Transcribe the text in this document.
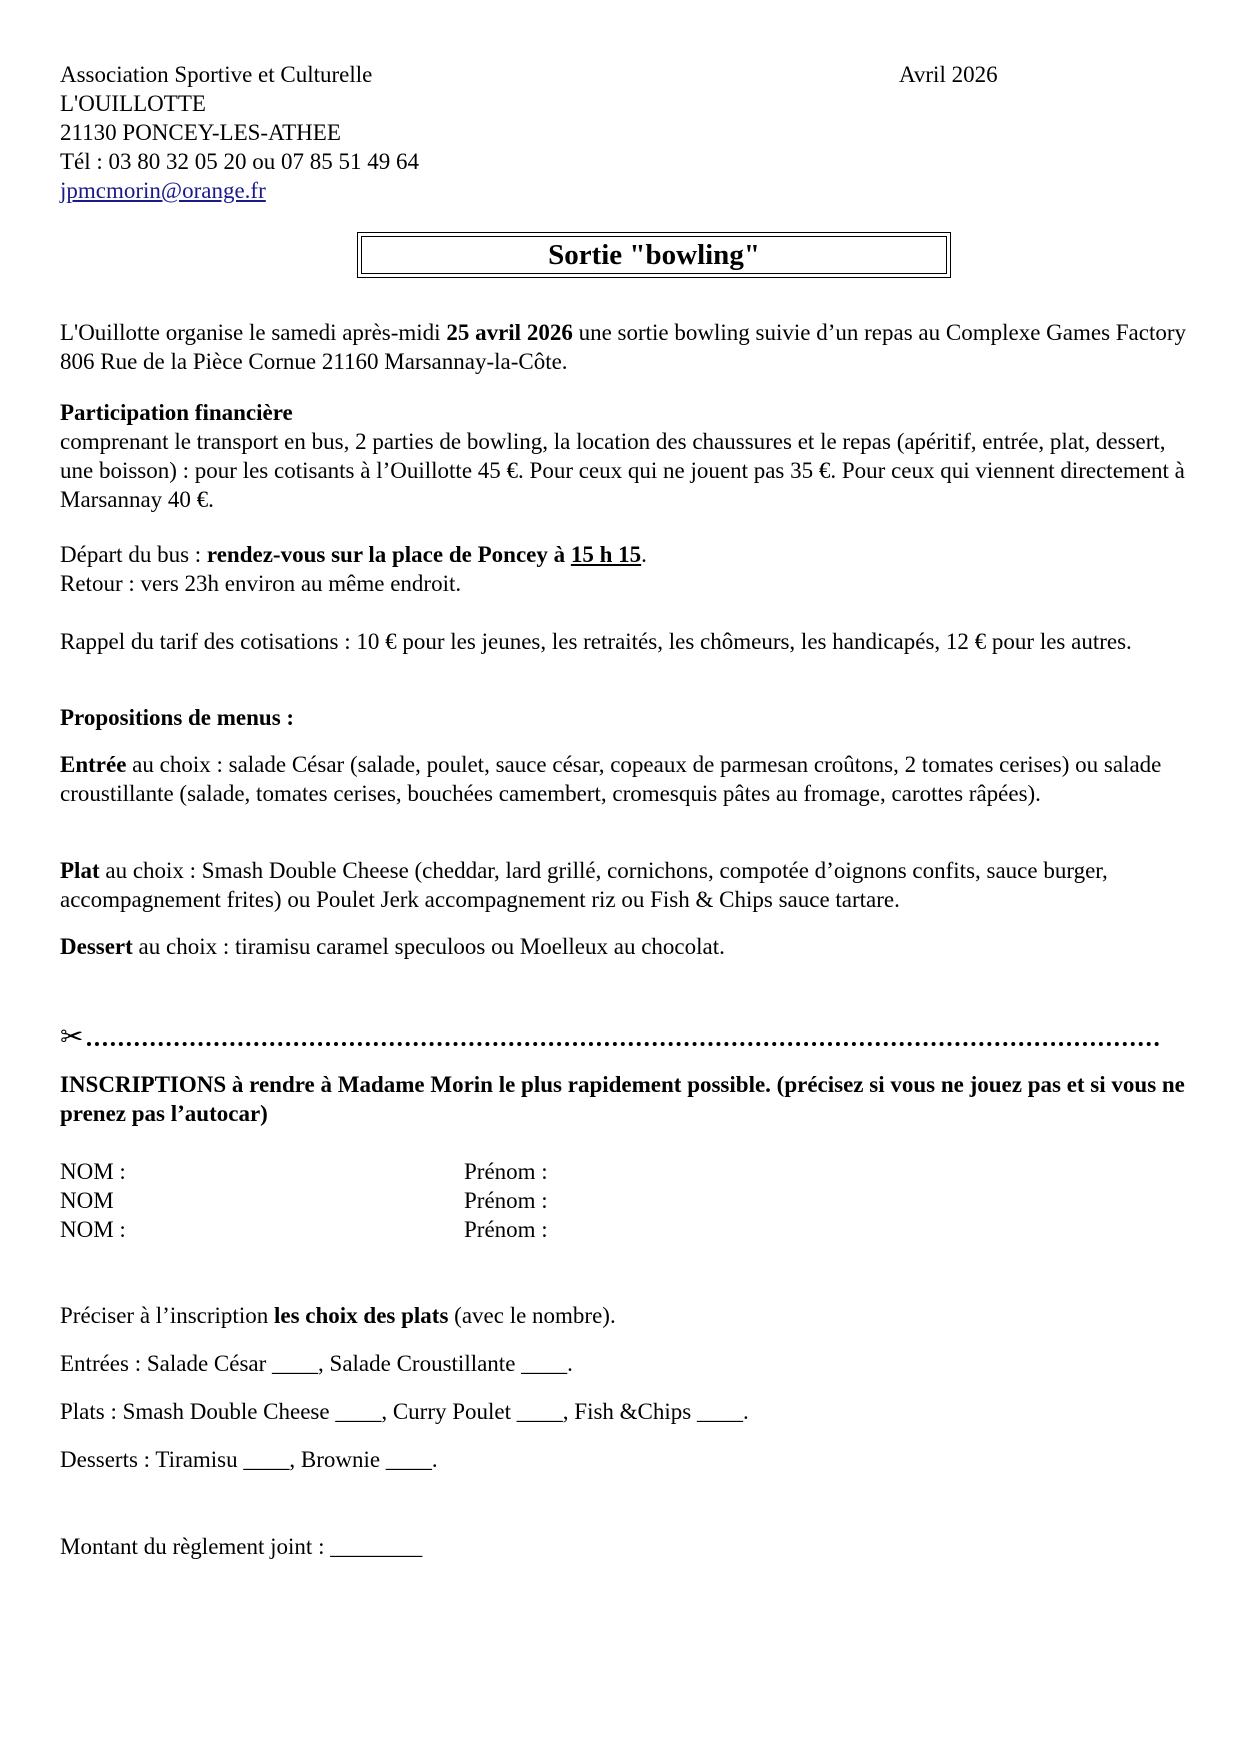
Association Sportive et Culturelle
L'OUILLOTTE
21130 PONCEY-LES-ATHEE
Tél : 03 80 32 05 20 ou 07 85 51 49 64
jpmcmorin@orange.fr
Avril 2026
Sortie "bowling"
L'Ouillotte organise le samedi après-midi 25 avril 2026 une sortie bowling suivie d’un repas au Complexe Games Factory 806 Rue de la Pièce Cornue 21160 Marsannay-la-Côte.
Participation financière
comprenant le transport en bus, 2 parties de bowling, la location des chaussures et le repas (apéritif, entrée, plat, dessert, une boisson) : pour les cotisants à l’Ouillotte 45 €. Pour ceux qui ne jouent pas 35 €. Pour ceux qui viennent directement à Marsannay 40 €.
Départ du bus : rendez-vous sur la place de Poncey à 15 h 15.
Retour : vers 23h environ au même endroit.
Rappel du tarif des cotisations : 10 € pour les jeunes, les retraités, les chômeurs, les handicapés, 12 € pour les autres.
Propositions de menus :
Entrée au choix : salade César (salade, poulet, sauce césar, copeaux de parmesan croûtons, 2 tomates cerises) ou salade croustillante (salade, tomates cerises, bouchées camembert, cromesquis pâtes au fromage, carottes râpées).
Plat au choix : Smash Double Cheese (cheddar, lard grillé, cornichons, compotée d’oignons confits, sauce burger, accompagnement frites) ou Poulet Jerk accompagnement riz ou Fish & Chips sauce tartare.
Dessert au choix : tiramisu caramel speculoos ou Moelleux au chocolat.
✂
INSCRIPTIONS à rendre à Madame Morin le plus rapidement possible. (précisez si vous ne jouez pas et si vous ne prenez pas l’autocar)
NOM :	Prénom :
NOM	Prénom :
NOM :	Prénom :
Préciser à l’inscription les choix des plats (avec le nombre).
Entrées : Salade César ____, Salade Croustillante ____.
Plats : Smash Double Cheese ____, Curry Poulet ____, Fish &Chips ____.
Desserts : Tiramisu ____, Brownie ____.
Montant du règlement joint : ________
